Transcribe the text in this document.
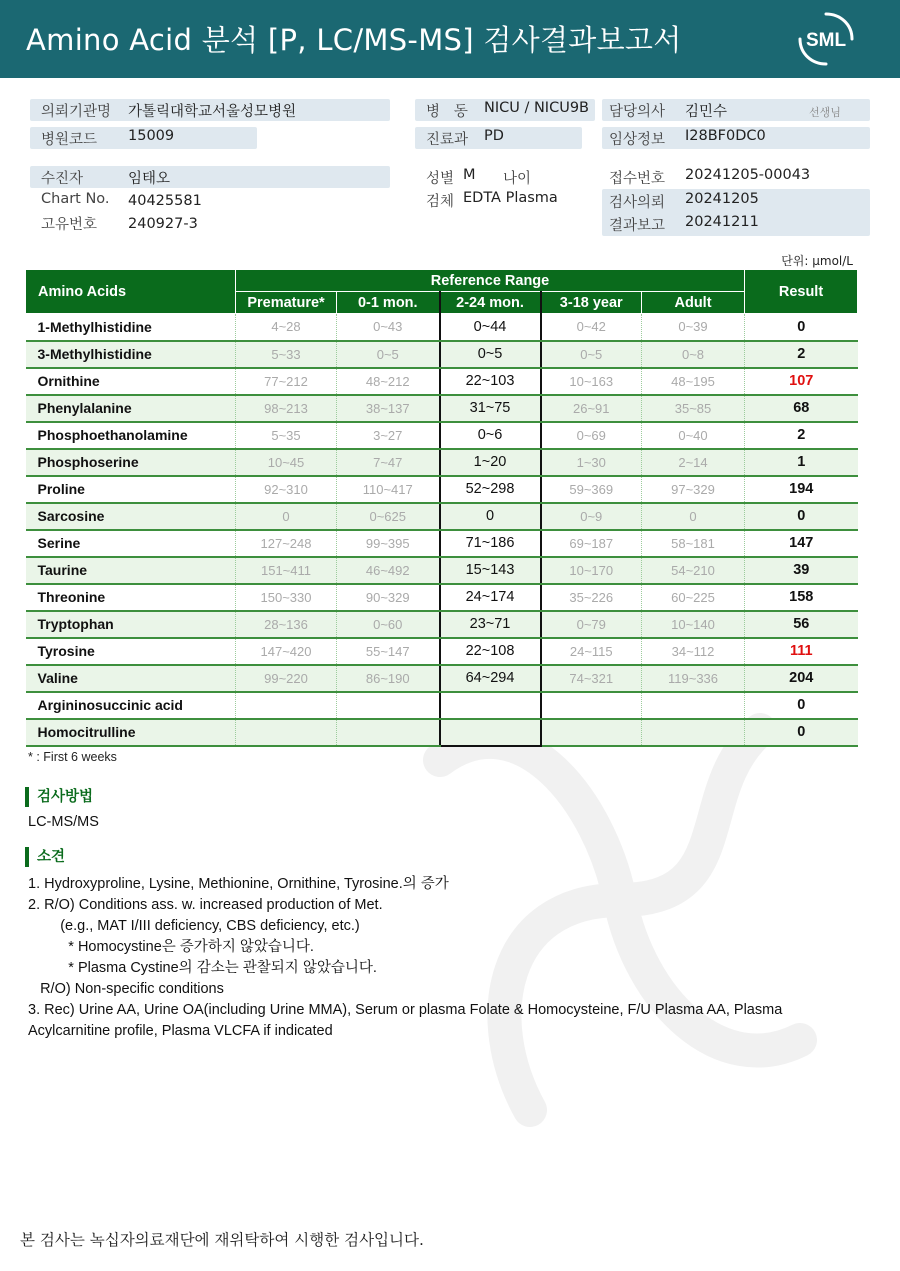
Amino Acid 분석 [P, LC/MS-MS] 검사결과보고서	SML
의뢰기관명 가톨릭대학교서울성모병원
병원코드 15009
병   동 NICU / NICU9B
진료과 PD
담당의사 김민수	선생님
임상정보 I28BF0DC0
수진자	임태오
Chart No. 40425581
고유번호 240927-3
성별 M 나이
검체 EDTA Plasma
접수번호 20241205-00043
검사의뢰 20241205
결과보고 20241211
단위: μmol/L
Amino Acids	Reference Range					Result
	Premature*	0-1 mon.	2-24 mon.	3-18 year	Adult	
1-Methylhistidine	4~28	0~43	0~44	0~42	0~39	0
3-Methylhistidine	5~33	0~5	0~5	0~5	0~8	2
Ornithine	77~212	48~212	22~103	10~163	48~195	107
Phenylalanine	98~213	38~137	31~75	26~91	35~85	68
Phosphoethanolamine	5~35	3~27	0~6	0~69	0~40	2
Phosphoserine	10~45	7~47	1~20	1~30	2~14	1
Proline	92~310	110~417	52~298	59~369	97~329	194
Sarcosine	0	0~625	0	0~9	0	0
Serine	127~248	99~395	71~186	69~187	58~181	147
Taurine	151~411	46~492	15~143	10~170	54~210	39
Threonine	150~330	90~329	24~174	35~226	60~225	158
Tryptophan	28~136	0~60	23~71	0~79	10~140	56
Tyrosine	147~420	55~147	22~108	24~115	34~112	111
Valine	99~220	86~190	64~294	74~321	119~336	204
Argininosuccinic acid						0
Homocitrulline						0
* : First 6 weeks
검사방법
LC-MS/MS
소견
1. Hydroxyproline, Lysine, Methionine, Ornithine, Tyrosine.의 증가
2. R/O) Conditions ass. w. increased production of Met.
(e.g., MAT I/III deficiency, CBS deficiency, etc.)
* Homocystine은 증가하지 않았습니다.
* Plasma Cystine의 감소는 관찰되지 않았습니다.
R/O) Non-specific conditions
3. Rec) Urine AA, Urine OA(including Urine MMA), Serum or plasma Folate & Homocysteine, F/U Plasma AA, Plasma
Acylcarnitine profile, Plasma VLCFA if indicated
본 검사는 녹십자의료재단에 재위탁하여 시행한 검사입니다.
